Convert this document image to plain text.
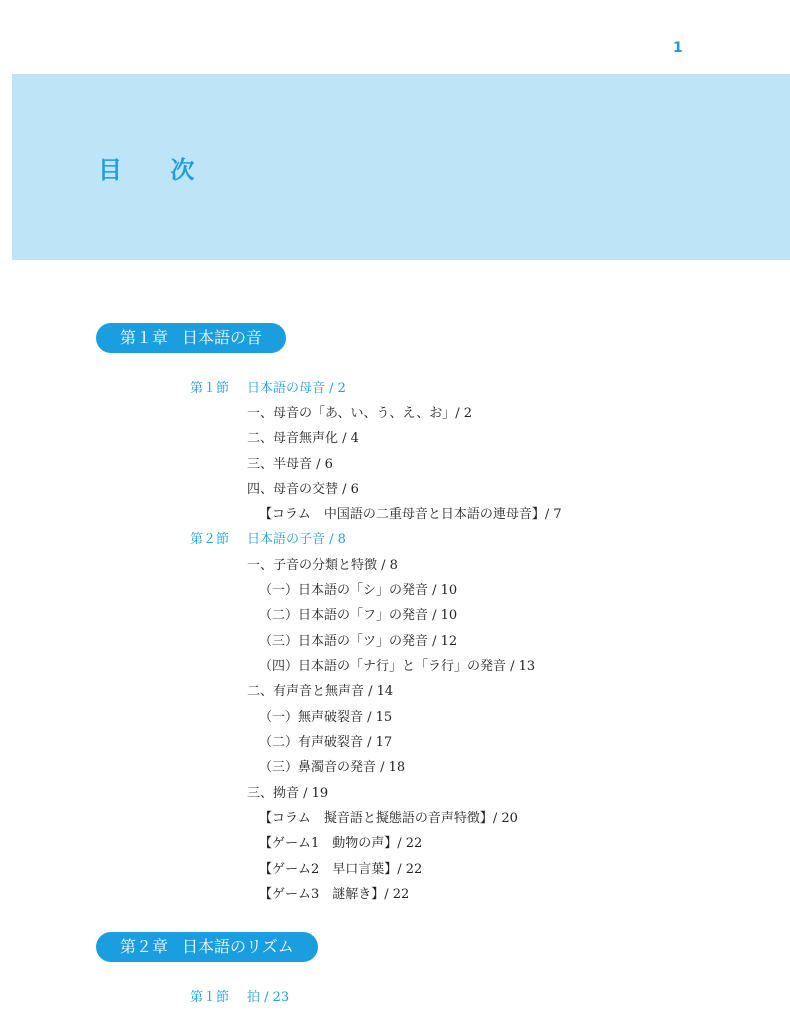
1
目 次
第１章 日本語の音
第１節 日本語の母音 / 2
一、母音の「あ、い、う、え、お」/ 2
二、母音無声化 / 4
三、半母音 / 6
四、母音の交替 / 6
【コラム　中国語の二重母音と日本語の連母音】/ 7
第２節 日本語の子音 / 8
一、子音の分類と特徴 / 8
（一）日本語の「シ」の発音 / 10
（二）日本語の「フ」の発音 / 10
（三）日本語の「ツ」の発音 / 12
（四）日本語の「ナ行」と「ラ行」の発音 / 13
二、有声音と無声音 / 14
（一）無声破裂音 / 15
（二）有声破裂音 / 17
（三）鼻濁音の発音 / 18
三、拗音 / 19
【コラム　擬音語と擬態語の音声特徴】/ 20
【ゲーム1　動物の声】/ 22
【ゲーム2　早口言葉】/ 22
【ゲーム3　謎解き】/ 22
第２章 日本語のリズム
第１節 拍 / 23
